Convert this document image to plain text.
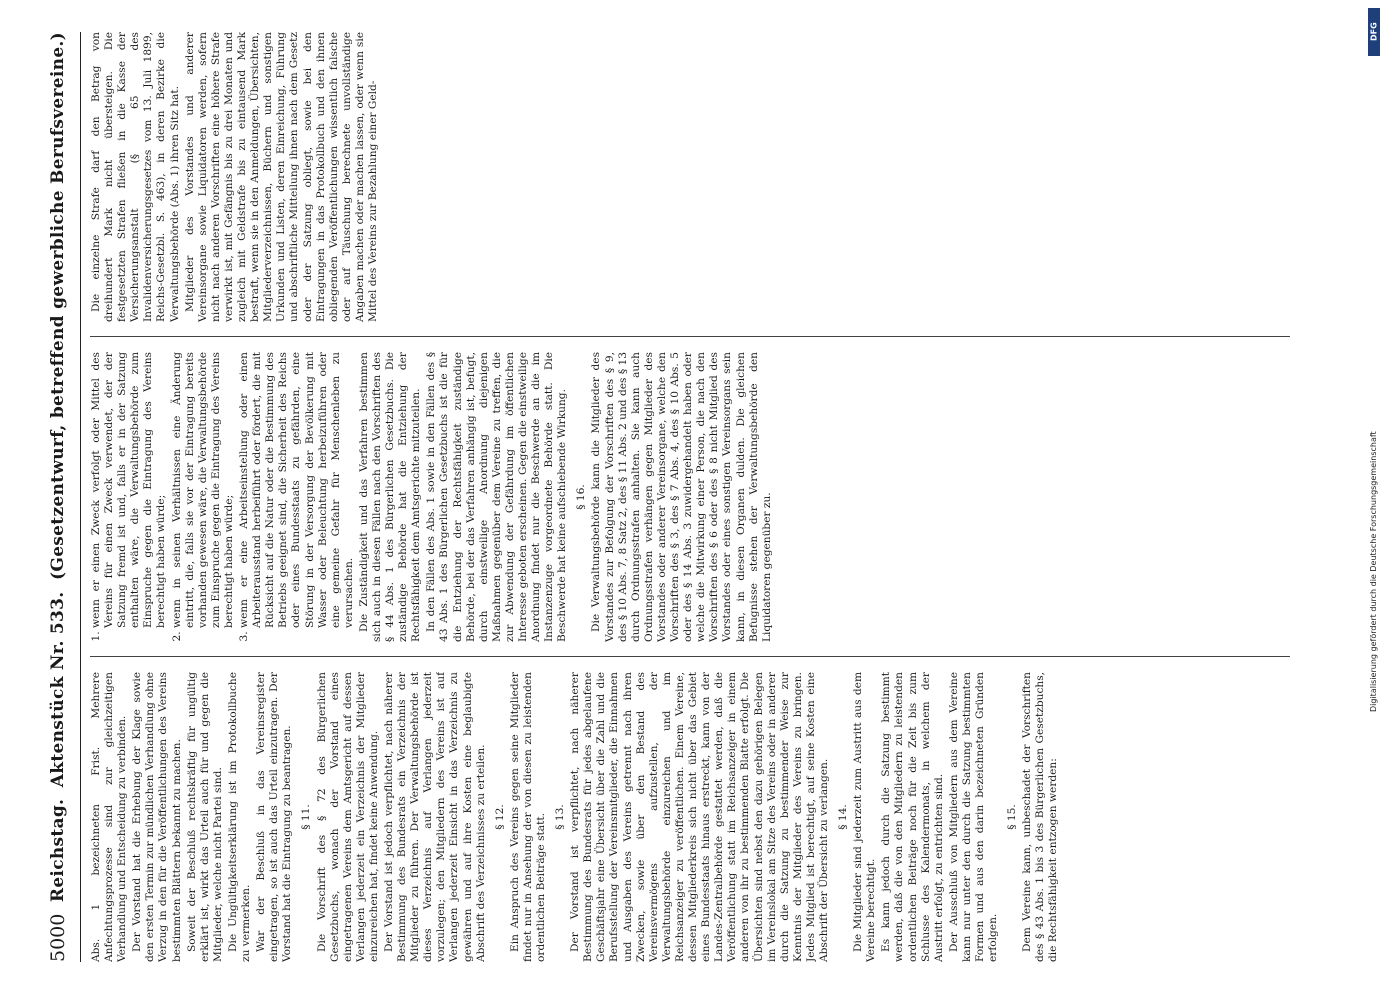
5000
Reichstag.
Aktenstück Nr. 533.
(Gesetzentwurf, betreffend gewerbliche Berufsvereine.)

Abs. 1 bezeichneten Frist. Mehrere Anfechtungsprozesse sind zur gleichzeitigen Verhandlung und Entscheidung zu verbinden. Der Vorstand hat die Erhebung der Klage sowie den ersten Termin zur mündlichen Verhandlung ohne Verzug in den für die Veröffentlichungen des Vereins bestimmten Blättern bekannt zu machen. Soweit der Beschluß rechtskräftig für ungültig erklärt ist, wirkt das Urteil auch für und gegen die Mitglieder, welche nicht Partei sind. Die Ungültigkeitserklärung ist im Protokollbuche zu vermerken. War der Beschluß in das Vereinsregister eingetragen, so ist auch das Urteil einzutragen. Der Vorstand hat die Eintragung zu beantragen. § 11. Die Vorschrift des § 72 des Bürgerlichen Gesetzbuchs, wonach der Vorstand eines eingetragenen Vereins dem Amtsgericht auf dessen Verlangen jederzeit ein Verzeichnis der Mitglieder einzureichen hat, findet keine Anwendung. Der Vorstand ist jedoch verpflichtet, nach näherer Bestimmung des Bundesrats ein Verzeichnis der Mitglieder zu führen. Der Verwaltungsbehörde ist dieses Verzeichnis auf Verlangen jederzeit vorzulegen; den Mitgliedern des Vereins ist auf Verlangen jederzeit Einsicht in das Verzeichnis zu gewähren und auf ihre Kosten eine beglaubigte Abschrift des Verzeichnisses zu erteilen. § 12. Ein Anspruch des Vereins gegen seine Mitglieder findet nur in Ansehung der von diesen zu leistenden ordentlichen Beiträge statt. § 13. Der Vorstand ist verpflichtet, nach näherer Bestimmung des Bundesrats für jedes abgelaufene Geschäftsjahr eine Übersicht über die Zahl und die Berufsstellung der Vereinsmitglieder, die Einnahmen und Ausgaben des Vereins getrennt nach ihren Zwecken, sowie über den Bestand des Vereinsvermögens aufzustellen, der Verwaltungsbehörde einzureichen und im Reichsanzeiger zu veröffentlichen. Einem Vereine, dessen Mitgliederkreis sich nicht über das Gebiet eines Bundesstaats hinaus erstreckt, kann von der Landes-Zentralbehörde gestattet werden, daß die Veröffentlichung statt im Reichsanzeiger in einem anderen von ihr zu bestimmenden Blatte erfolgt. Die Übersichten sind nebst den dazu gehörigen Belegen im Vereinslokal am Sitze des Vereins oder in anderer durch die Satzung zu bestimmender Weise zur Kenntnis der Mitglieder des Vereins zu bringen. Jedes Mitglied ist berechtigt, auf seine Kosten eine Abschrift der Übersicht zu verlangen. § 14. Die Mitglieder sind jederzeit zum Austritt aus dem Vereine berechtigt. Es kann jedoch durch die Satzung bestimmt werden, daß die von den Mitgliedern zu leistenden ordentlichen Beiträge noch für die Zeit bis zum Schlusse des Kalendermonats, in welchem der Austritt erfolgt, zu entrichten sind. Der Ausschluß von Mitgliedern aus dem Vereine kann nur unter den durch die Satzung bestimmten Formen und aus den darin bezeichneten Gründen erfolgen.

§ 15. Dem Vereine kann, unbeschadet der Vorschriften des § 43 Abs. 1 bis 3 des Bürgerlichen Gesetzbuchs, die Rechtsfähigkeit entzogen werden:

1. wenn er einen Zweck verfolgt oder Mittel des Vereins für einen Zweck verwendet, der der Satzung fremd ist und, falls er in der Satzung enthalten wäre, die Verwaltungsbehörde zum Einspruche gegen die Eintragung des Vereins berechtigt haben würde; 2. wenn in seinen Verhältnissen eine Änderung eintritt, die, falls sie vor der Eintragung bereits vorhanden gewesen wäre, die Verwaltungsbehörde zum Einspruche gegen die Eintragung des Vereins berechtigt haben würde; 3. wenn er eine Arbeitseinstellung oder einen Arbeiterausstand herbeiführt oder fördert, die mit Rücksicht auf die Natur oder die Bestimmung des Betriebs geeignet sind, die Sicherheit des Reichs oder eines Bundesstaats zu gefährden, eine Störung in der Versorgung der Bevölkerung mit Wasser oder Beleuchtung herbeizuführen oder eine gemeine Gefahr für Menschenleben zu verursachen. Die Zuständigkeit und das Verfahren bestimmen sich auch in diesen Fällen nach den Vorschriften des § 44 Abs. 1 des Bürgerlichen Gesetzbuchs. Die zuständige Behörde hat die Entziehung der Rechtsfähigkeit dem Amtsgerichte mitzuteilen. In den Fällen des Abs. 1 sowie in den Fällen des § 43 Abs. 1 des Bürgerlichen Gesetzbuchs ist die für die Entziehung der Rechtsfähigkeit zuständige Behörde, bei der das Verfahren anhängig ist, befugt, durch einstweilige Anordnung diejenigen Maßnahmen gegenüber dem Vereine zu treffen, die zur Abwendung der Gefährdung im öffentlichen Interesse geboten erscheinen. Gegen die einstweilige Anordnung findet nur die Beschwerde an die im Instanzenzuge vorgeordnete Behörde statt. Die Beschwerde hat keine aufschiebende Wirkung. § 16. Die Verwaltungsbehörde kann die Mitglieder des Vorstandes zur Befolgung der Vorschriften des § 9, des § 10 Abs. 7, 8 Satz 2, des § 11 Abs. 2 und des § 13 durch Ordnungsstrafen anhalten. Sie kann auch Ordnungsstrafen verhängen gegen Mitglieder des Vorstandes oder anderer Vereinsorgane, welche den Vorschriften des § 3, des § 7 Abs. 4, des § 10 Abs. 5 oder des § 14 Abs. 3 zuwidergehandelt haben oder welche die Mitwirkung einer Person, die nach den Vorschriften des § 6 oder des § 8 nicht Mitglied des Vorstandes oder eines sonstigen Vereinsorgans sein kann, in diesen Organen dulden. Die gleichen Befugnisse stehen der Verwaltungsbehörde den Liquidatoren gegenüber zu.

Die einzelne Strafe darf den Betrag von dreihundert Mark nicht übersteigen. Die festgesetzten Strafen fließen in die Kasse der Versicherungsanstalt (§ 65 des Invalidenversicherungsgesetzes vom 13. Juli 1899, Reichs-Gesetzbl. S. 463), in deren Bezirke die Verwaltungsbehörde (Abs. 1) ihren Sitz hat. Mitglieder des Vorstandes und anderer Vereinsorgane sowie Liquidatoren werden, sofern nicht nach anderen Vorschriften eine höhere Strafe verwirkt ist, mit Gefängnis bis zu drei Monaten und zugleich mit Geldstrafe bis zu eintausend Mark bestraft, wenn sie in den Anmeldungen, Übersichten, Mitgliederverzeichnissen, Büchern und sonstigen Urkunden und Listen, deren Einreichung, Führung und abschriftliche Mitteilung ihnen nach dem Gesetz oder der Satzung obliegt, sowie bei den Eintragungen in das Protokollbuch und den ihnen obliegenden Veröffentlichungen wissentlich falsche oder auf Täuschung berechnete unvollständige Angaben machen oder machen lassen, oder wenn sie Mittel des Vereins zur Bezahlung einer Geld-

DFG
Digitalisierung gefördert durch die Deutsche Forschungsgemeinschaft
